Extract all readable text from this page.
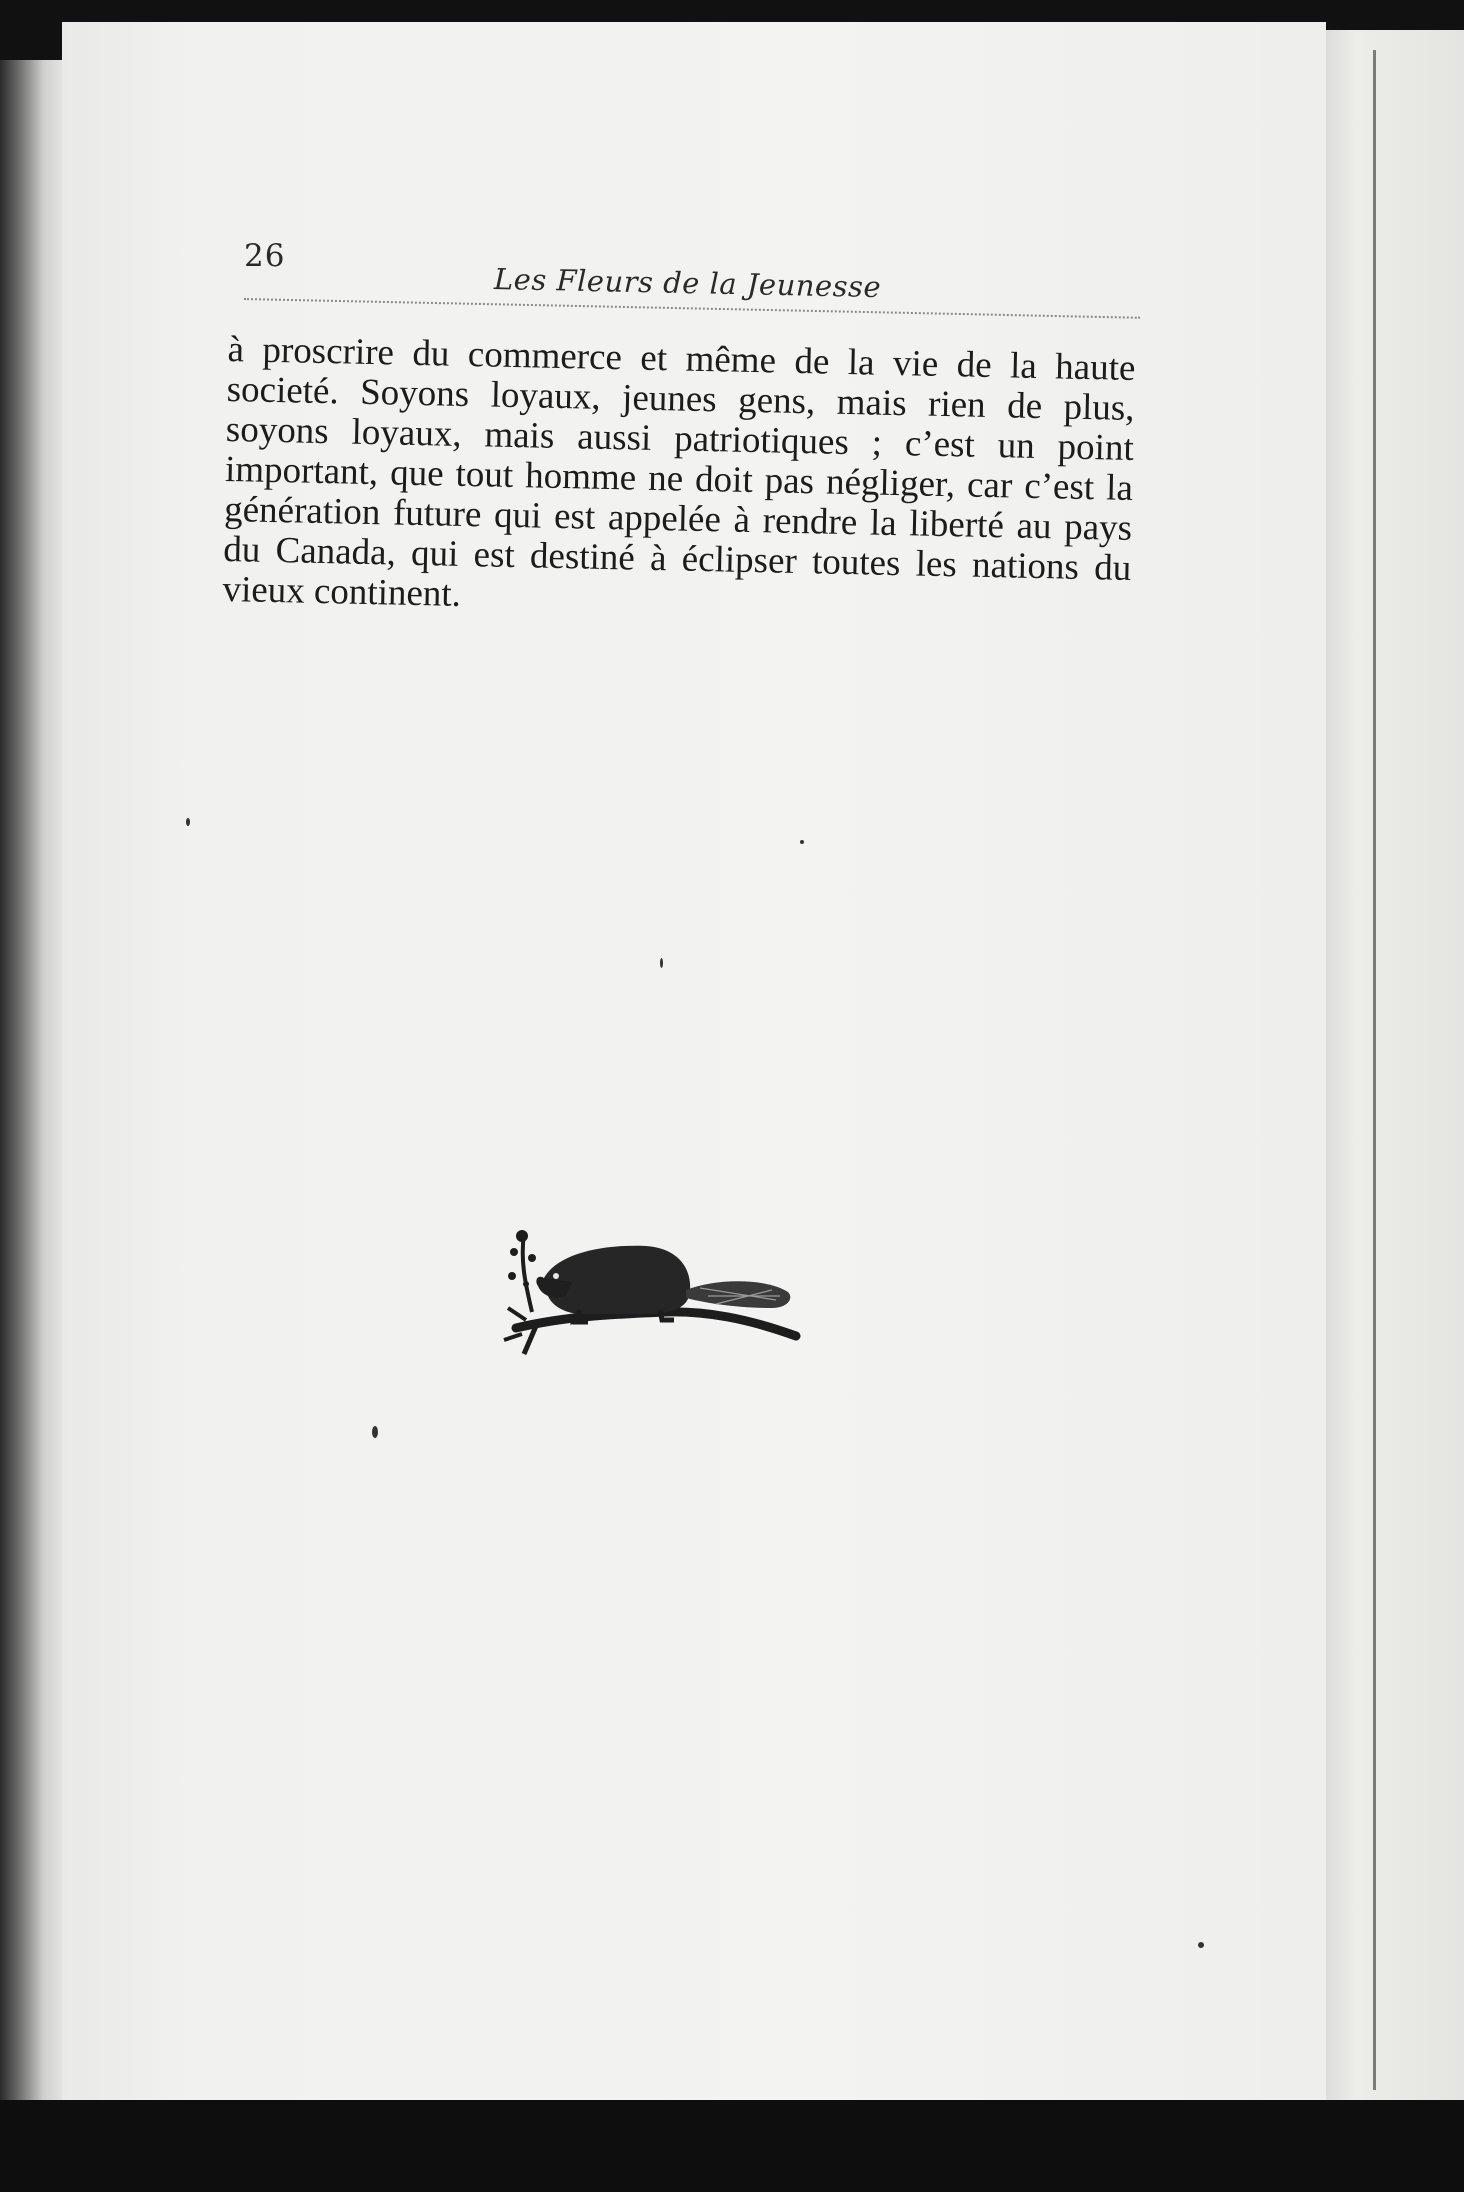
26
Les Fleurs de la Jeunesse
à proscrire du commerce et même de la vie de la haute societé. Soyons loyaux, jeunes gens, mais rien de plus, soyons loyaux, mais aussi patriotiques ; c’est un point important, que tout homme ne doit pas négliger, car c’est la génération future qui est appelée à rendre la liberté au pays du Canada, qui est destiné à éclipser toutes les nations du vieux continent.
